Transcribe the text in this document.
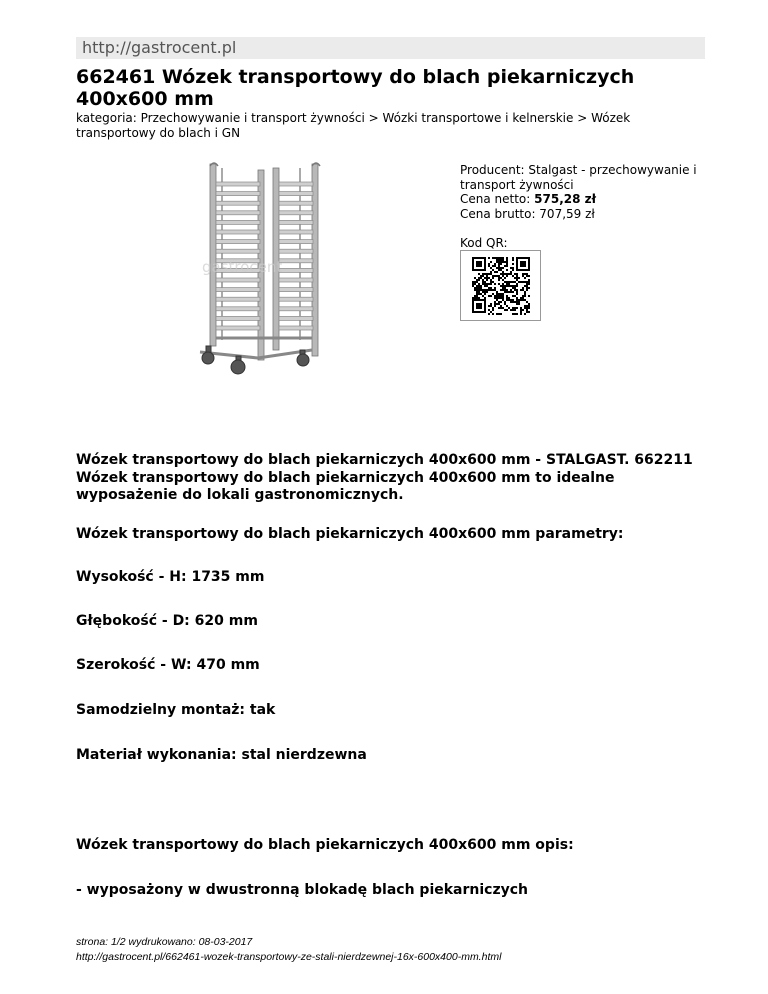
http://gastrocent.pl
662461 Wózek transportowy do blach piekarniczych 400x600 mm
kategoria: Przechowywanie i transport żywności > Wózki transportowe i kelnerskie > Wózek transportowy do blach i GN
gastrocent
Producent: Stalgast - przechowywanie i transport żywności
Cena netto: 575,28 zł
Cena brutto: 707,59 zł
Kod QR:

Wózek transportowy do blach piekarniczych 400x600 mm - STALGAST. 662211 Wózek transportowy do blach piekarniczych 400x600 mm to idealne wyposażenie do lokali gastronomicznych.

Wózek transportowy do blach piekarniczych 400x600 mm parametry:

Wysokość - H: 1735 mm

Głębokość - D: 620 mm

Szerokość - W: 470 mm

Samodzielny montaż: tak

Materiał wykonania: stal nierdzewna

Wózek transportowy do blach piekarniczych 400x600 mm opis:

- wyposażony w dwustronną blokadę blach piekarniczych

strona: 1/2 wydrukowano: 08-03-2017
http://gastrocent.pl/662461-wozek-transportowy-ze-stali-nierdzewnej-16x-600x400-mm.html
